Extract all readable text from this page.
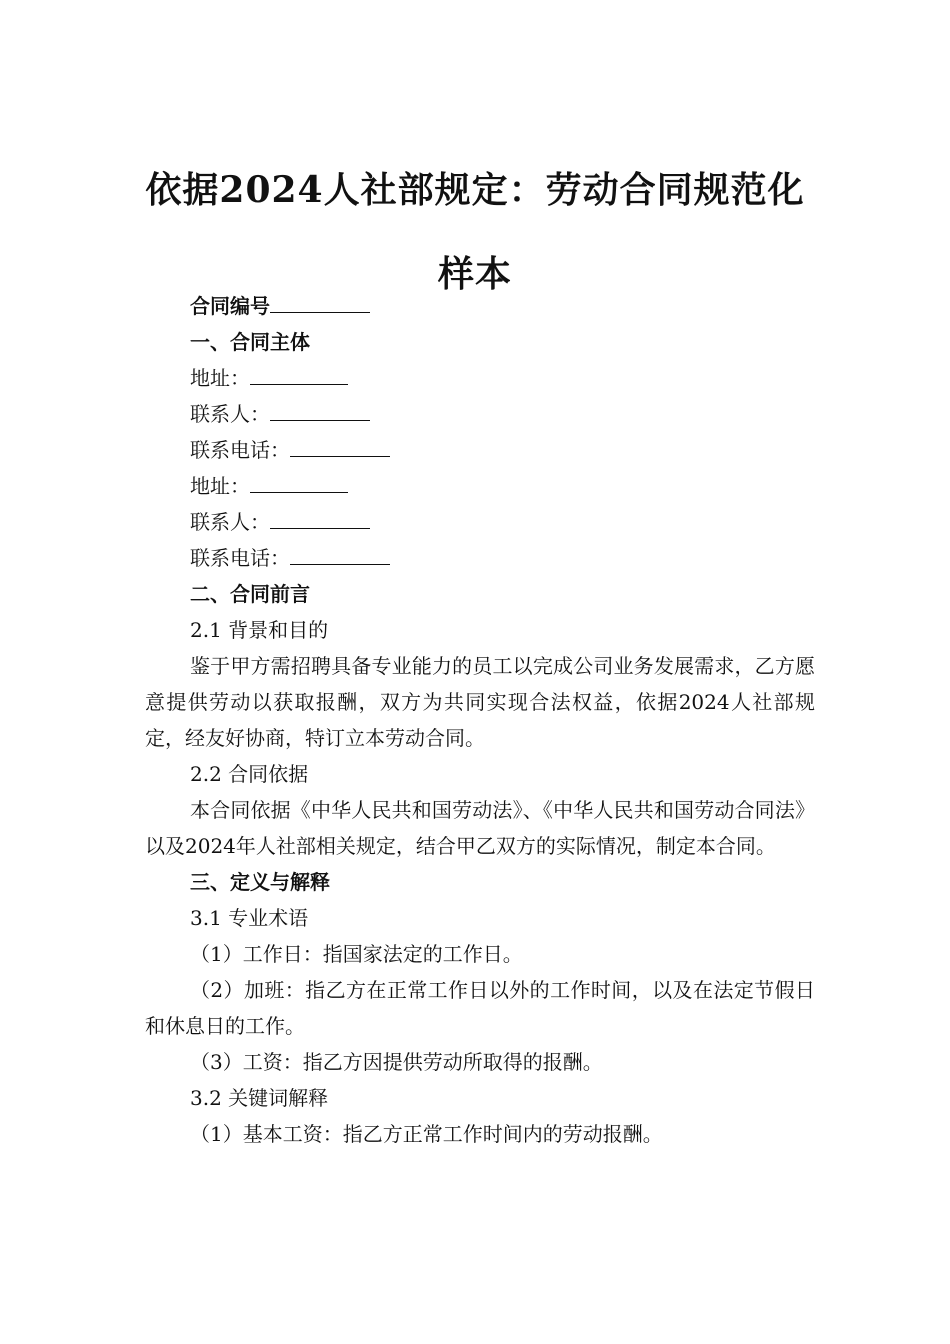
依据2024人社部规定：劳动合同规范化样本

合同编号

一、合同主体

地址：

联系人：

联系电话：

地址：

联系人：

联系电话：

二、合同前言

2.1 背景和目的

鉴于甲方需招聘具备专业能力的员工以完成公司业务发展需求，乙方愿意提供劳动以获取报酬，双方为共同实现合法权益，依据2024人社部规定，经友好协商，特订立本劳动合同。

2.2 合同依据

本合同依据《中华人民共和国劳动法》、《中华人民共和国劳动合同法》以及2024年人社部相关规定，结合甲乙双方的实际情况，制定本合同。

三、定义与解释

3.1 专业术语

（1）工作日：指国家法定的工作日。

（2）加班：指乙方在正常工作日以外的工作时间，以及在法定节假日和休息日的工作。

（3）工资：指乙方因提供劳动所取得的报酬。

3.2 关键词解释

（1）基本工资：指乙方正常工作时间内的劳动报酬。
